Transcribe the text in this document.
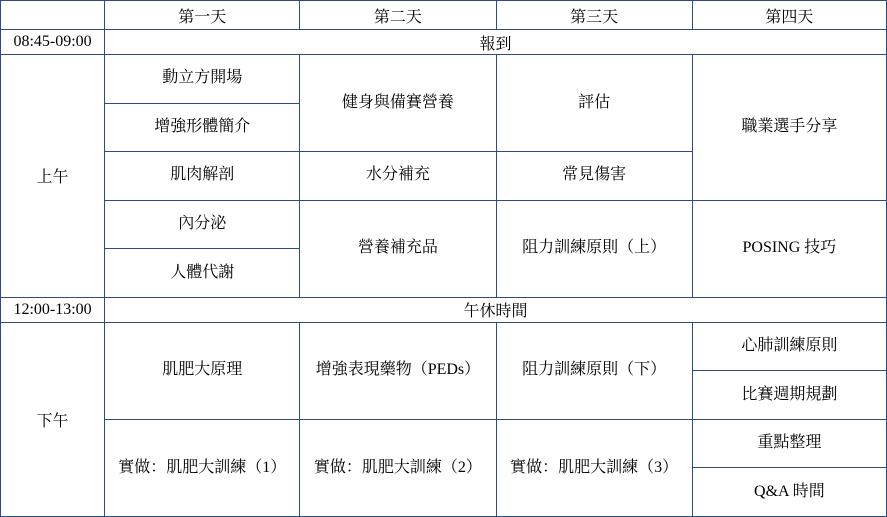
	第一天	第二天	第三天	第四天
08:45-09:00	報到			
上午	動立方開場	健身與備賽營養	評估	職業選手分享
	增強形體簡介			
	肌肉解剖	水分補充	常見傷害	
	內分泌	營養補充品	阻力訓練原則（上）	POSING 技巧
	人體代謝			
12:00-13:00	午休時間			
下午	肌肥大原理	增強表現藥物（PEDs）	阻力訓練原則（下）	心肺訓練原則
				比賽週期規劃
	實做：肌肥大訓練（1）	實做：肌肥大訓練（2）	實做：肌肥大訓練（3）	重點整理
				Q&A 時間
